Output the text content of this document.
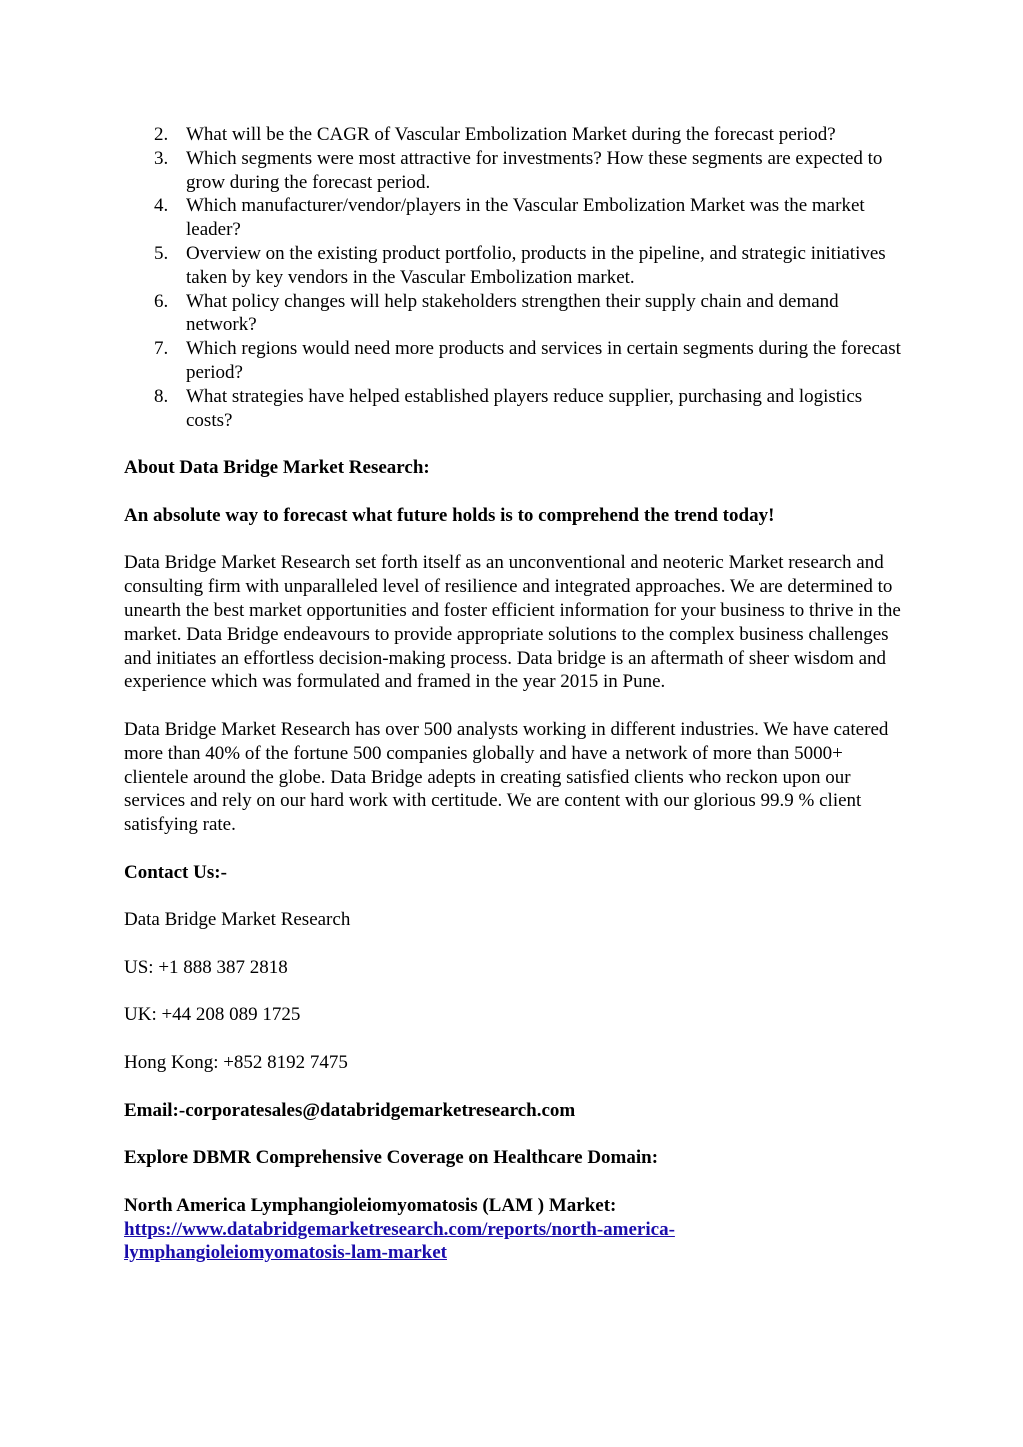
2. What will be the CAGR of Vascular Embolization Market during the forecast period?
3. Which segments were most attractive for investments? How these segments are expected to grow during the forecast period.
4. Which manufacturer/vendor/players in the Vascular Embolization Market was the market leader?
5. Overview on the existing product portfolio, products in the pipeline, and strategic initiatives taken by key vendors in the Vascular Embolization market.
6. What policy changes will help stakeholders strengthen their supply chain and demand network?
7. Which regions would need more products and services in certain segments during the forecast period?
8. What strategies have helped established players reduce supplier, purchasing and logistics costs?

About Data Bridge Market Research:

An absolute way to forecast what future holds is to comprehend the trend today!

Data Bridge Market Research set forth itself as an unconventional and neoteric Market research and consulting firm with unparalleled level of resilience and integrated approaches. We are determined to unearth the best market opportunities and foster efficient information for your business to thrive in the market. Data Bridge endeavours to provide appropriate solutions to the complex business challenges and initiates an effortless decision-making process. Data bridge is an aftermath of sheer wisdom and experience which was formulated and framed in the year 2015 in Pune.

Data Bridge Market Research has over 500 analysts working in different industries. We have catered more than 40% of the fortune 500 companies globally and have a network of more than 5000+ clientele around the globe. Data Bridge adepts in creating satisfied clients who reckon upon our services and rely on our hard work with certitude. We are content with our glorious 99.9 % client satisfying rate.

Contact Us:-

Data Bridge Market Research

US: +1 888 387 2818

UK: +44 208 089 1725

Hong Kong: +852 8192 7475

Email:-corporatesales@databridgemarketresearch.com

Explore DBMR Comprehensive Coverage on Healthcare Domain:

North America Lymphangioleiomyomatosis (LAM ) Market: https://www.databridgemarketresearch.com/reports/north-america-
lymphangioleiomyomatosis-lam-market
